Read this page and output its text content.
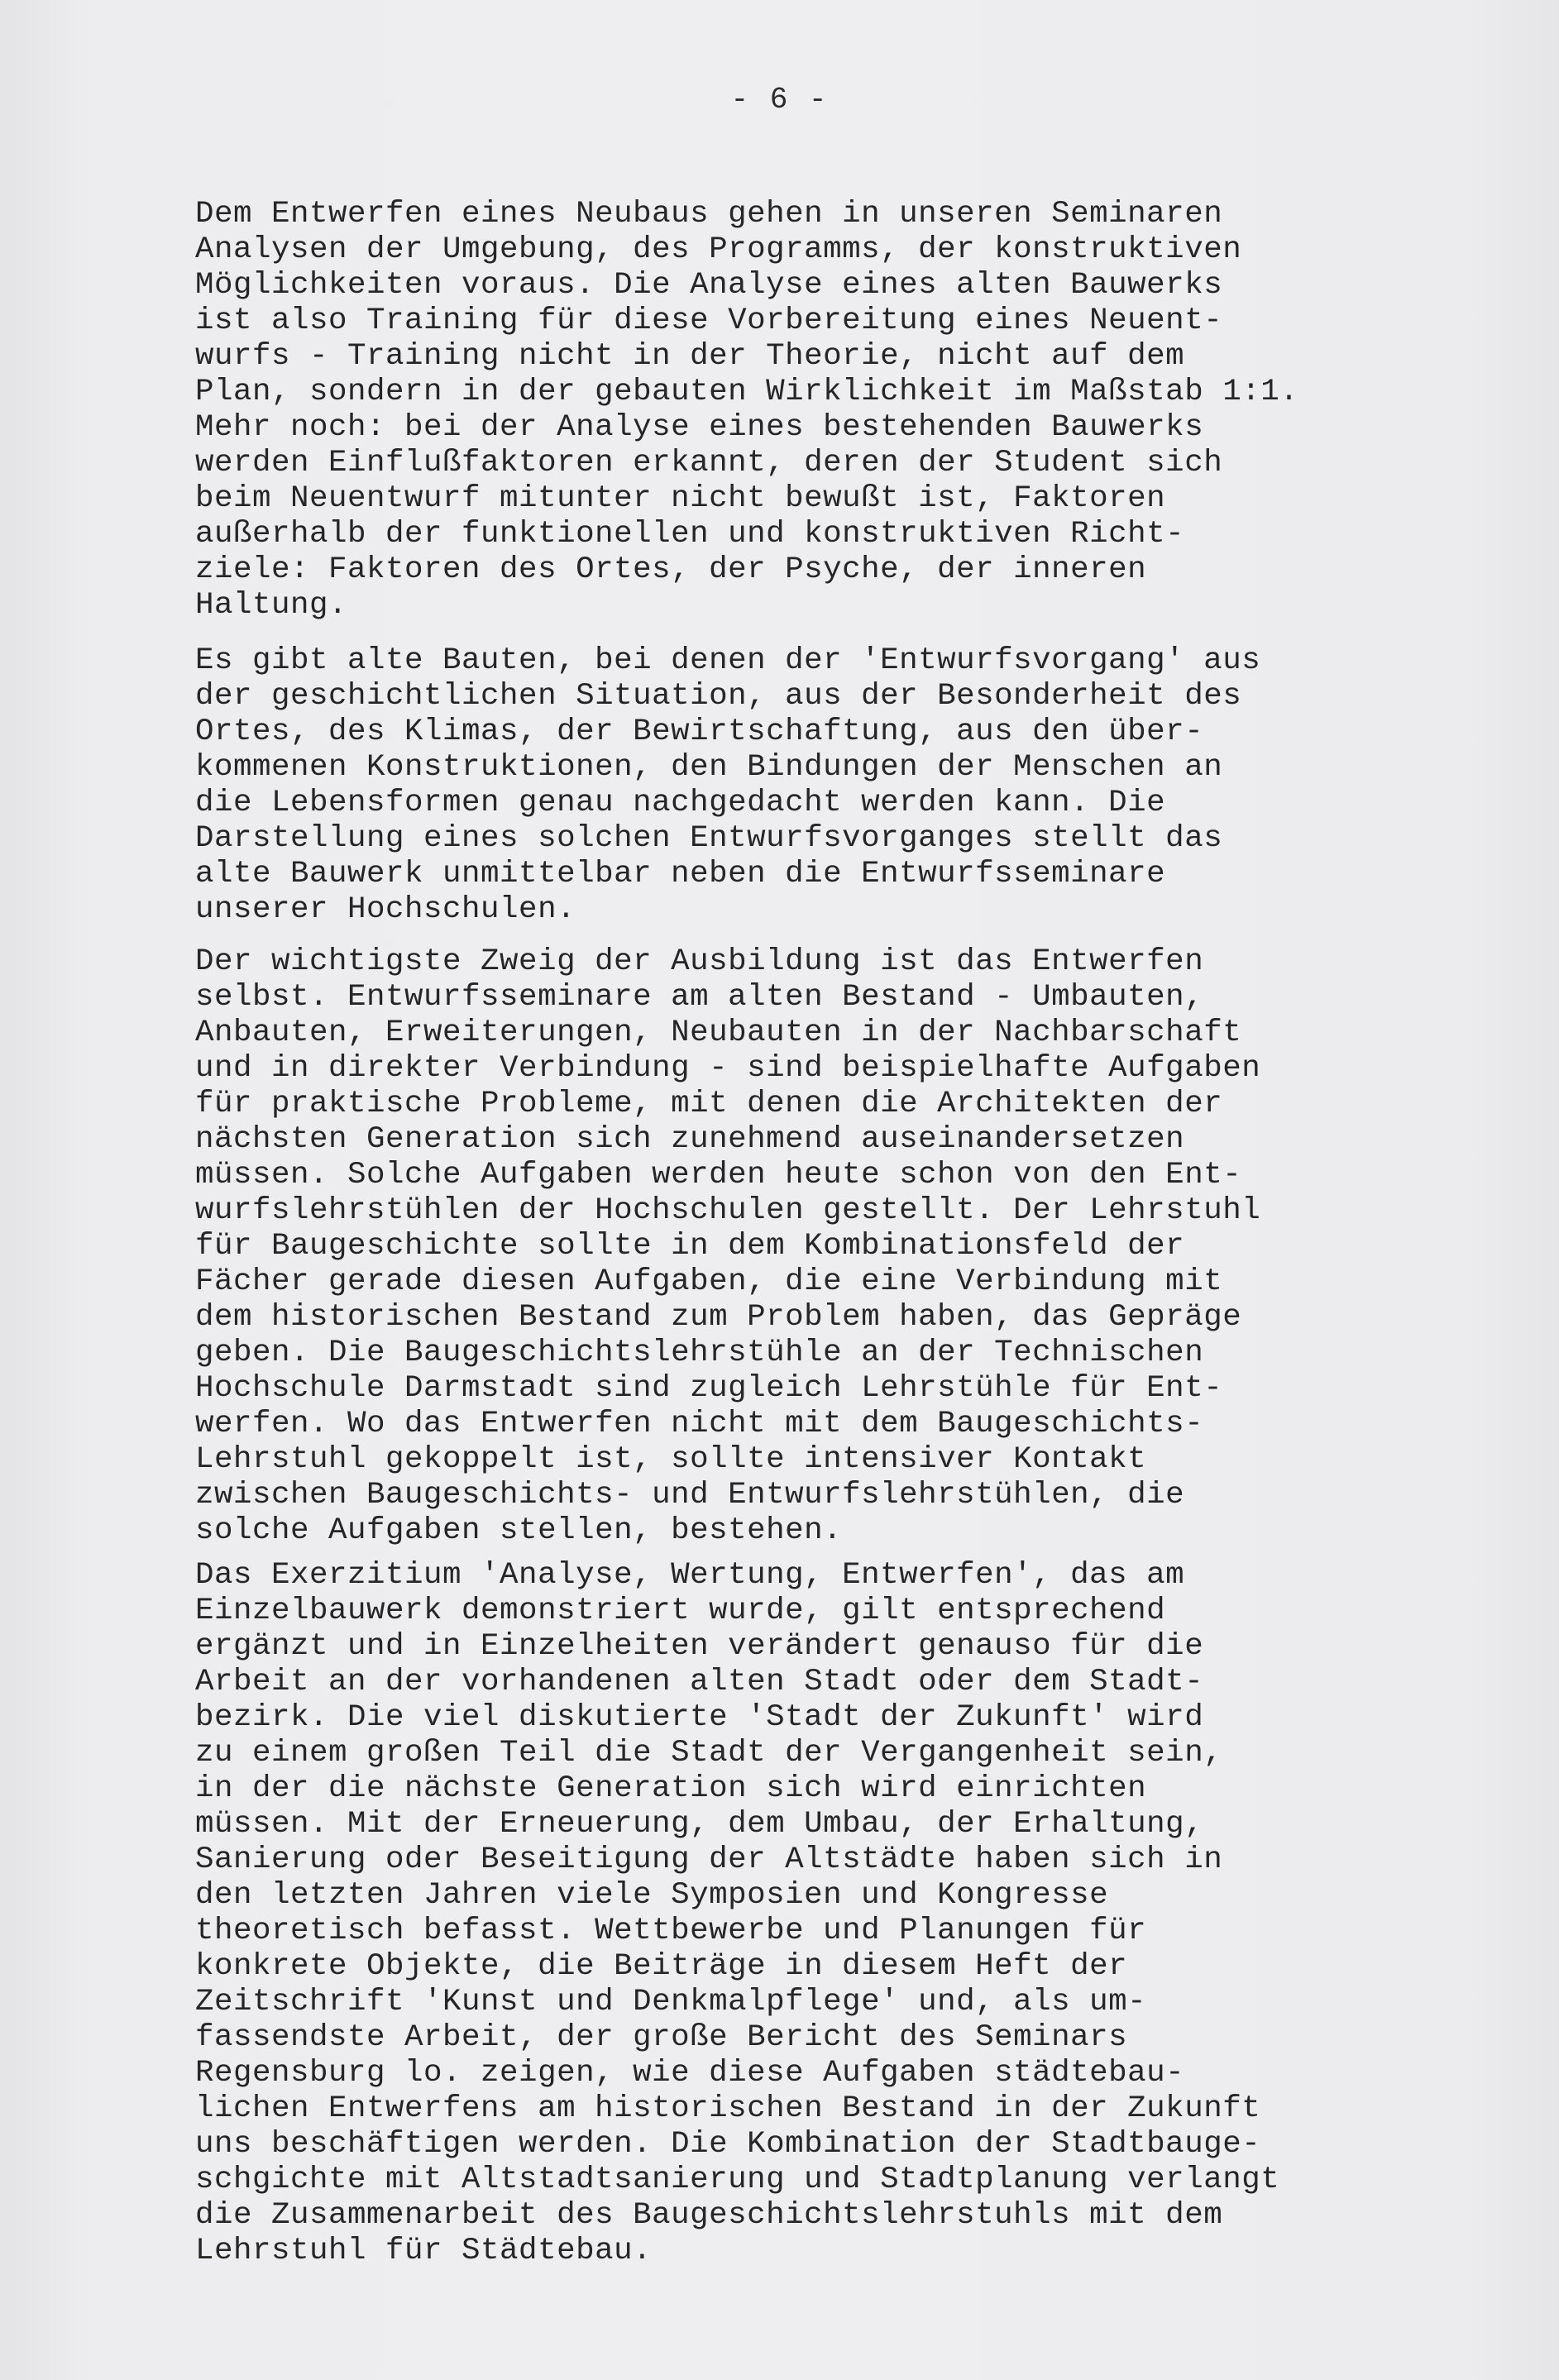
- 6 -
Dem Entwerfen eines Neubaus gehen in unseren Seminaren
Analysen der Umgebung, des Programms, der konstruktiven
Möglichkeiten voraus. Die Analyse eines alten Bauwerks
ist also Training für diese Vorbereitung eines Neuent-
wurfs - Training nicht in der Theorie, nicht auf dem
Plan, sondern in der gebauten Wirklichkeit im Maßstab 1:1.
Mehr noch: bei der Analyse eines bestehenden Bauwerks
werden Einflußfaktoren erkannt, deren der Student sich
beim Neuentwurf mitunter nicht bewußt ist, Faktoren
außerhalb der funktionellen und konstruktiven Richt-
ziele: Faktoren des Ortes, der Psyche, der inneren
Haltung.
Es gibt alte Bauten, bei denen der 'Entwurfsvorgang' aus
der geschichtlichen Situation, aus der Besonderheit des
Ortes, des Klimas, der Bewirtschaftung, aus den über-
kommenen Konstruktionen, den Bindungen der Menschen an
die Lebensformen genau nachgedacht werden kann. Die
Darstellung eines solchen Entwurfsvorganges stellt das
alte Bauwerk unmittelbar neben die Entwurfsseminare
unserer Hochschulen.
Der wichtigste Zweig der Ausbildung ist das Entwerfen
selbst. Entwurfsseminare am alten Bestand - Umbauten,
Anbauten, Erweiterungen, Neubauten in der Nachbarschaft
und in direkter Verbindung - sind beispielhafte Aufgaben
für praktische Probleme, mit denen die Architekten der
nächsten Generation sich zunehmend auseinandersetzen
müssen. Solche Aufgaben werden heute schon von den Ent-
wurfslehrstühlen der Hochschulen gestellt. Der Lehrstuhl
für Baugeschichte sollte in dem Kombinationsfeld der
Fächer gerade diesen Aufgaben, die eine Verbindung mit
dem historischen Bestand zum Problem haben, das Gepräge
geben. Die Baugeschichtslehrstühle an der Technischen
Hochschule Darmstadt sind zugleich Lehrstühle für Ent-
werfen. Wo das Entwerfen nicht mit dem Baugeschichts-
Lehrstuhl gekoppelt ist, sollte intensiver Kontakt
zwischen Baugeschichts- und Entwurfslehrstühlen, die
solche Aufgaben stellen, bestehen.
Das Exerzitium 'Analyse, Wertung, Entwerfen', das am
Einzelbauwerk demonstriert wurde, gilt entsprechend
ergänzt und in Einzelheiten verändert genauso für die
Arbeit an der vorhandenen alten Stadt oder dem Stadt-
bezirk. Die viel diskutierte 'Stadt der Zukunft' wird
zu einem großen Teil die Stadt der Vergangenheit sein,
in der die nächste Generation sich wird einrichten
müssen. Mit der Erneuerung, dem Umbau, der Erhaltung,
Sanierung oder Beseitigung der Altstädte haben sich in
den letzten Jahren viele Symposien und Kongresse
theoretisch befasst. Wettbewerbe und Planungen für
konkrete Objekte, die Beiträge in diesem Heft der
Zeitschrift 'Kunst und Denkmalpflege' und, als um-
fassendste Arbeit, der große Bericht des Seminars
Regensburg lo. zeigen, wie diese Aufgaben städtebau-
lichen Entwerfens am historischen Bestand in der Zukunft
uns beschäftigen werden. Die Kombination der Stadtbauge-
schgichte mit Altstadtsanierung und Stadtplanung verlangt
die Zusammenarbeit des Baugeschichtslehrstuhls mit dem
Lehrstuhl für Städtebau.
